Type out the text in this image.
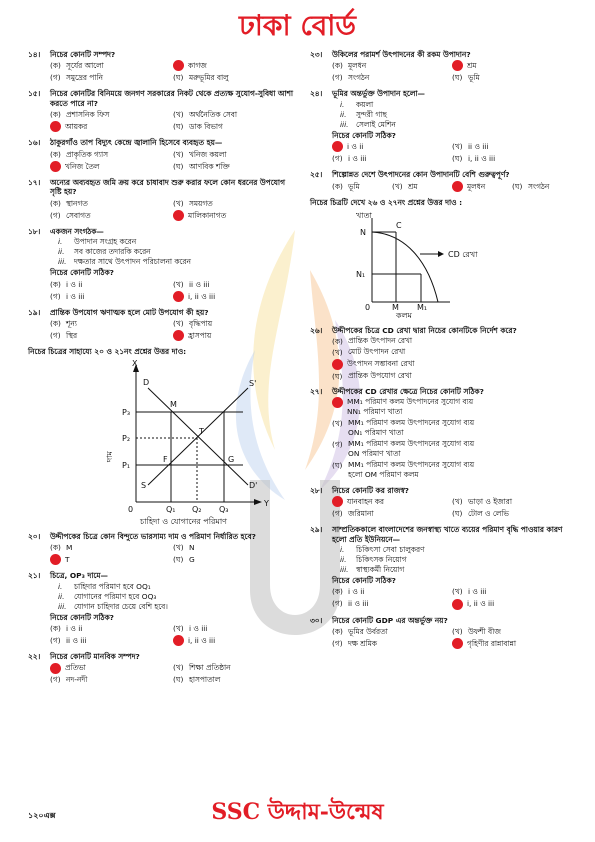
ঢাকা বোর্ড
১৪।	নিচের কোনটি সম্পদ?
(ক) সূর্যের আলো	কাগজ
(গ) সমুদ্রের পানি	(ঘ) মরুভূমির বালু
১৫।	নিচের কোনটির বিনিময়ে জনগণ সরকারের নিকট থেকে প্রত্যক্ষ সুযোগ-সুবিধা আশা করতে পারে না?
(ক) প্রশাসনিক ফিস	(খ) অর্থনৈতিক সেবা
আয়কর	(ঘ) ডাক বিভাগ
১৬।	ঠাকুরগাঁও তাপ বিদ্যুৎ কেন্দ্রে জ্বালানি হিসেবে ব্যবহৃত হয়—
(ক) প্রাকৃতিক গ্যাস	(খ) খনিজ কয়লা
খনিজ তৈল	(ঘ) আণবিক শক্তি
১৭।	অন্যের অব্যবহৃত জমি ক্রয় করে চাষাবাদ শুরু করার ফলে কোন ধরনের উপযোগ সৃষ্টি হয়?
(ক) স্থানগত	(খ) সময়গত
(গ) সেবাগত	মালিকানাগত
১৮।	একজন সংগঠক—
i.	উপাদান সংগ্রহ করেন
ii.	সব কাজের তদারকি করেন
iii.	দক্ষতার সাথে উৎপাদন পরিচালনা করেন
নিচের কোনটি সঠিক?
(ক) i ও ii	(খ) ii ও iii
(গ) i ও iii	i, ii ও iii
১৯।	প্রান্তিক উপযোগ ঋণাত্মক হলে মোট উপযোগ কী হয়?
(ক) শূন্য	(খ) বৃদ্ধিপায়
(গ) স্থির	হ্রাসপায়
নিচের চিত্রের সাহায্যে ২০ ও ২১নং প্রশ্নের উত্তর দাও:
X
Y
0
P₃
P₂
P₁
Q₁ Q₂ Q₃
D
M
S'
T
F	G
S	D'
চাহিদা ও যোগানের পরিমাণ
দাম
২০।	উদ্দীপকের চিত্রে কোন বিন্দুতে ভারসাম্য দাম ও পরিমাণ নির্ধারিত হবে?
(ক) M	(খ) N
T	(ঘ) G
২১।	চিত্রে, OP₃ দামে—
i.	চাহিদার পরিমাণ হবে OQ₁
ii.	যোগানের পরিমাণ হবে OQ₃
iii.	যোগান চাহিদার চেয়ে বেশি হবে।
নিচের কোনটি সঠিক?
(ক) i ও ii	(খ) i ও iii
(গ) ii ও iii	i, ii ও iii
২২।	নিচের কোনটি মানবিক সম্পদ?
প্রতিভা	(খ) শিক্ষা প্রতিষ্ঠান
(গ) নদ-নদী	(ঘ) হাসপাতাল
২৩।	উকিলের পরামর্শ উৎপাদনের কী রকম উপাদান?
(ক) মূলধন	শ্রম
(গ) সংগঠন	(ঘ) ভূমি
২৪।	ভূমির অন্তর্ভুক্ত উপাদান হলো—
i.	কয়লা
ii.	সুন্দরী গাছ
iii.	সেলাই মেশিন
নিচের কোনটি সঠিক?
i ও ii	(খ) ii ও iii
(গ) i ও iii	(ঘ) i, ii ও iii
২৫।	শিল্পোন্নত দেশে উৎপাদনের কোন উপাদানটি বেশি গুরুত্বপূর্ণ?
(ক) ভূমি	(খ) শ্রম	মূলধন	(ঘ) সংগঠন
নিচের চিত্রটি দেখে ২৬ ও ২৭নং প্রশ্নের উত্তর দাও :
খাতা
কলম
0
N
C
N₁
M M₁
CD রেখা
২৬।	উদ্দীপকের চিত্রে CD রেখা দ্বারা নিচের কোনটিকে নির্দেশ করে?
(ক) প্রান্তিক উৎপাদন রেখা
(খ) মোট উৎপাদন রেখা
উৎপাদন সম্ভাবনা রেখা
(ঘ) প্রান্তিক উপযোগ রেখা
২৭।	উদ্দীপকের CD রেখার ক্ষেত্রে নিচের কোনটি সঠিক?
MM₁ পরিমাণ কলম উৎপাদনের সুযোগ ব্যয়
NN₁ পরিমাণ খাতা
(খ) MM₁ পরিমাণ কলম উৎপাদনের সুযোগ ব্যয়
ON₁ পরিমাণ খাতা
(গ) MM₁ পরিমাণ কলম উৎপাদনের সুযোগ ব্যয়
ON পরিমাণ খাতা
(ঘ) MM₁ পরিমাণ কলম উৎপাদনের সুযোগ ব্যয়
হলো OM পরিমাণ কলম
২৮।	নিচের কোনটি কর রাজস্ব?
যানবাহন কর	(খ) ভাড়া ও ইজারা
(গ) জরিমানা	(ঘ) টোল ও লেভি
২৯।	সাম্প্রতিককালে বাংলাদেশের জনস্বাস্থ্য খাতে ব্যয়ের পরিমাণ বৃদ্ধি পাওয়ার কারণ হলো প্রতি ইউনিয়নে—
i.	চিকিৎসা সেবা চালুকরণ
ii.	চিকিৎসক নিয়োগ
iii.	স্বাস্থ্যকর্মী নিয়োগ
নিচের কোনটি সঠিক?
(ক) i ও ii	(খ) i ও iii
(গ) ii ও iii	i, ii ও iii
৩০।	নিচের কোনটি GDP এর অন্তর্ভুক্ত নয়?
(ক) ভূমির উর্বরতা	(খ) উফশী বীজ
(গ) দক্ষ শ্রমিক	গৃহিণীর রান্নাবান্না
১২০এক্স	SSC উদ্দাম-উন্মেষ
